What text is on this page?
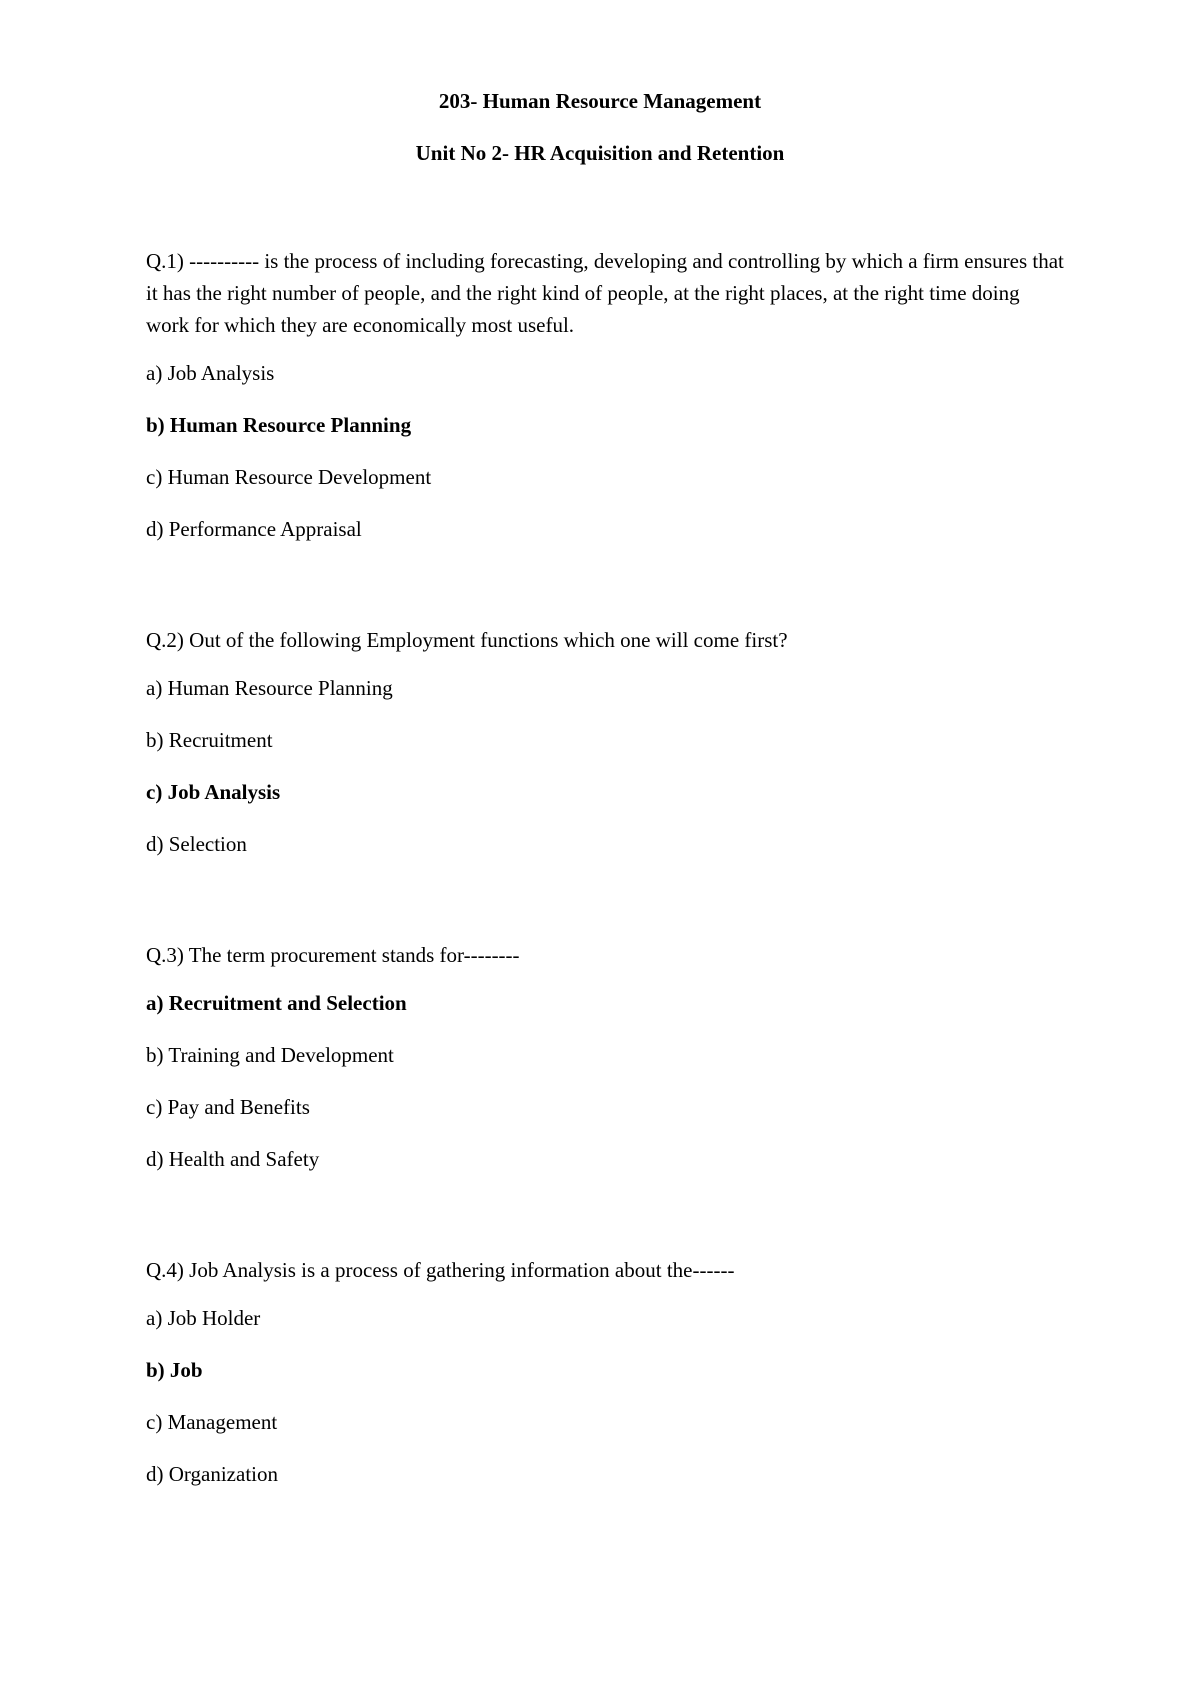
203- Human Resource Management
Unit No 2- HR Acquisition and Retention

Q.1) ---------- is the process of including forecasting, developing and controlling by which a firm ensures that it has the right number of people, and the right kind of people, at the right places, at the right time doing work for which they are economically most useful.

a) Job Analysis

b) Human Resource Planning

c) Human Resource Development

d) Performance Appraisal

Q.2) Out of the following Employment functions which one will come first?

a) Human Resource Planning

b) Recruitment

c) Job Analysis

d) Selection

Q.3) The term procurement stands for--------

a) Recruitment and Selection

b) Training and Development

c) Pay and Benefits

d) Health and Safety

Q.4) Job Analysis is a process of gathering information about the------

a) Job Holder

b) Job

c) Management

d) Organization
